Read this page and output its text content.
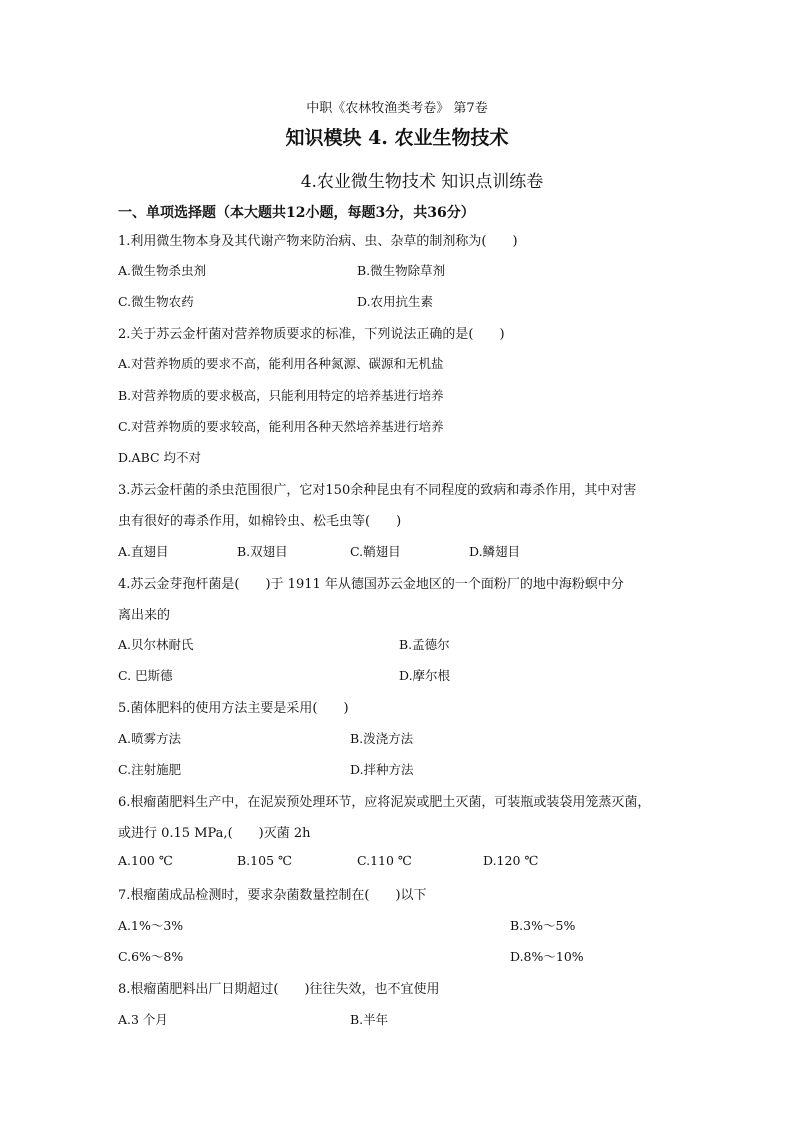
中职《农林牧渔类考卷》 第7卷
知识模块 4. 农业生物技术
4.农业微生物技术 知识点训练卷
一、单项选择题（本大题共12小题，每题3分，共36分）
1.利用微生物本身及其代谢产物来防治病、虫、杂草的制剂称为(　　)
A.微生物杀虫剂	B.微生物除草剂
C.微生物农药	D.农用抗生素
2.关于苏云金杆菌对营养物质要求的标准，下列说法正确的是(　　)
A.对营养物质的要求不高，能利用各种氮源、碳源和无机盐
B.对营养物质的要求极高，只能利用特定的培养基进行培养
C.对营养物质的要求较高，能利用各种天然培养基进行培养
D.ABC 均不对
3.苏云金杆菌的杀虫范围很广，它对150余种昆虫有不同程度的致病和毒杀作用，其中对害
虫有很好的毒杀作用，如棉铃虫、松毛虫等(　　)
A.直翅目	B.双翅目	C.鞘翅目	D.鳞翅目
4.苏云金芽孢杆菌是(　　)于 1911 年从德国苏云金地区的一个面粉厂的地中海粉螟中分
离出来的
A.贝尔林耐氏	B.孟德尔
C. 巴斯德	D.摩尔根
5.菌体肥料的使用方法主要是采用(　　)
A.喷雾方法	B.泼浇方法
C.注射施肥	D.拌种方法
6.根瘤菌肥料生产中，在泥炭预处理环节，应将泥炭或肥土灭菌，可装瓶或装袋用笼蒸灭菌，
或进行 0.15 MPa,(　　)灭菌 2h
A.100 ℃	B.105 ℃	C.110 ℃	D.120 ℃
7.根瘤菌成品检测时，要求杂菌数量控制在(　　)以下
A.1%～3%	B.3%～5%
C.6%～8%	D.8%～10%
8.根瘤菌肥料出厂日期超过(　　)往往失效，也不宜使用
A.3 个月	B.半年
